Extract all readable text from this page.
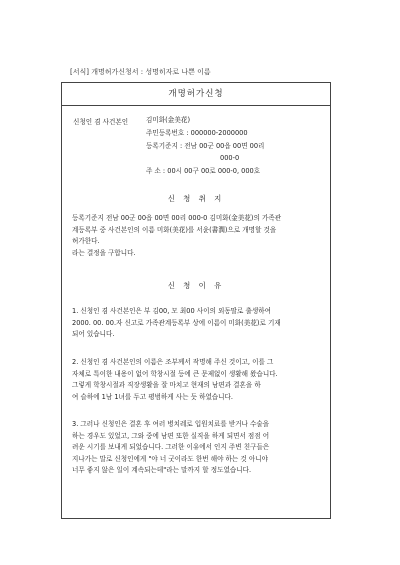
[서식] 개명허가신청서 : 성명히자로 나쁜 이름
개명허가신청
신청인 겸 사건본인	김미화(金美花)
주민등록번호 : 000000-2000000
등록기준지 : 전남 00군 00읍 00면 00리
000-0
주 소 : 00시 00구 00로 000-0, 000호
신 청 취 지
등록기준지 전남 00군 00읍 00면 00리 000-0 김미화(金美花)의 가족관
계등록부 중 사건본인의 이름 미화(美花)를 서윤(書潤)으로 개명할 것을
허가한다.
라는 결정을 구합니다.
신 청 이 유
1. 신청인 겸 사건본인은 부 김00, 모 최00 사이의 외동딸로 출생하여
2000. 00. 00.자 신고로 가족관계등록부 상에 이름이 미화(美花)로 기재
되어 있습니다.
2. 신청인 겸 사건본인의 이름은 조부께서 작명해 주신 것이고, 이를 그
자체로 특이한 내용이 없어 학창시절 등에 큰 문제없이 생활해 왔습니다.
그렇게 학창시절과 직장생활을 잘 마치고 현재의 남편과 결혼을 하
여 슬하에 1남 1녀를 두고 평범하게 사는 듯 하였습니다.
3. 그러나 신청인은 결혼 후 여러 병치레로 입원치료를 받거나 수술을
하는 경우도 있었고, 그와 중에 남편 또한 실직을 하게 되면서 점점 어
려운 시기를 보내게 되었습니다. 그러한 이유에서 인지 주변 친구들은
지나가는 말로 신청인에게 "야 너 굿이라도 한번 해야 하는 것 아니야
너무 좋지 않은 일이 계속되는데"라는 말까지 할 정도였습니다.
